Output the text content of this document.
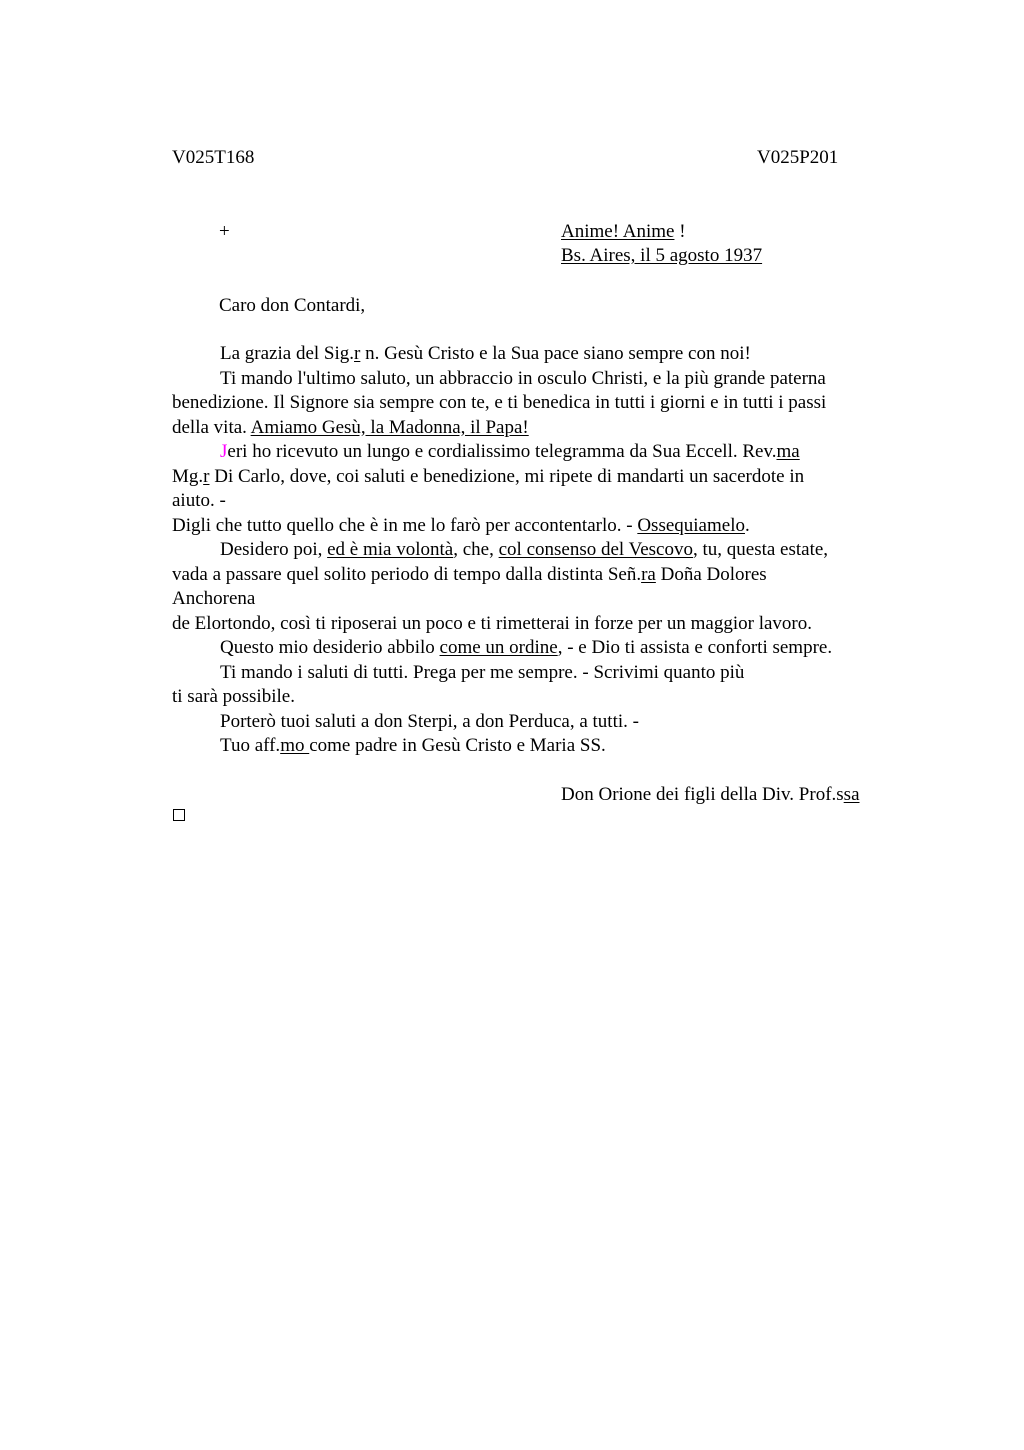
V025T168	V025P201
+	Anime! Anime !
Bs. Aires, il 5 agosto 1937
Caro don Contardi,
La grazia del Sig.r n. Gesù Cristo e la Sua pace siano sempre con noi!
Ti mando l'ultimo saluto, un abbraccio in osculo Christi, e la più grande paterna
benedizione. Il Signore sia sempre con te, e ti benedica in tutti i giorni e in tutti i passi
della vita. Amiamo Gesù, la Madonna, il Papa!
Jeri ho ricevuto un lungo e cordialissimo telegramma da Sua Eccell. Rev.ma
Mg.r Di Carlo, dove, coi saluti e benedizione, mi ripete di mandarti un sacerdote in
aiuto. -
Digli che tutto quello che è in me lo farò per accontentarlo. - Ossequiamelo.
Desidero poi, ed è mia volontà, che, col consenso del Vescovo, tu, questa estate,
vada a passare quel solito periodo di tempo dalla distinta Señ.ra Doña Dolores
Anchorena
de Elortondo, così ti riposerai un poco e ti rimetterai in forze per un maggior lavoro.
Questo mio desiderio abbilo come un ordine, - e Dio ti assista e conforti sempre.
Ti mando i saluti di tutti. Prega per me sempre. - Scrivimi quanto più
ti sarà possibile.
Porterò tuoi saluti a don Sterpi, a don Perduca, a tutti. -
Tuo aff.mo come padre in Gesù Cristo e Maria SS.
Don Orione dei figli della Div. Prof.ssa
